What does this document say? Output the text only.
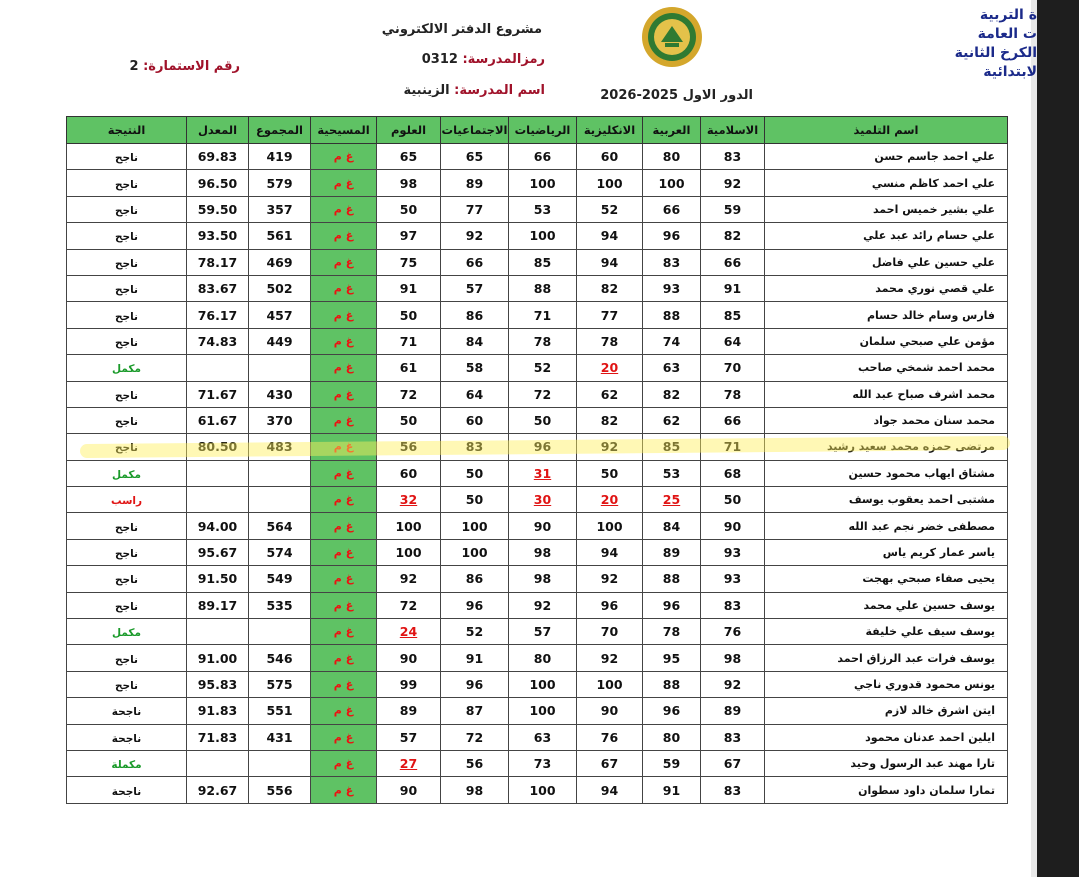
ة التربية
ت العامة
الكرخ الثانية
لابتدائية
مشروع الدفتر الالكتروني
رمزالمدرسة: 0312
اسم المدرسة: الزينبية
رقم الاستمارة: 2
الدور الاول 2026-2025
اسم التلميذ	الاسلامية	العربية	الانكليزية	الرياضيات	الاجتماعيات	العلوم	المسيحية	المجموع	المعدل	النتيجة
علي احمد جاسم حسن	83	80	60	66	65	65	غ م	419	69.83	ناجح
علي احمد كاظم منسي	92	100	100	100	89	98	غ م	579	96.50	ناجح
علي بشير خميس احمد	59	66	52	53	77	50	غ م	357	59.50	ناجح
علي حسام رائد عبد علي	82	96	94	100	92	97	غ م	561	93.50	ناجح
علي حسين علي فاضل	66	83	94	85	66	75	غ م	469	78.17	ناجح
علي قصي نوري محمد	91	93	82	88	57	91	غ م	502	83.67	ناجح
فارس وسام خالد حسام	85	88	77	71	86	50	غ م	457	76.17	ناجح
مؤمن علي صبحي سلمان	64	74	78	78	84	71	غ م	449	74.83	ناجح
محمد احمد شمخي صاحب	70	63	20	52	58	61	غ م			مكمل
محمد اشرف صباح عبد الله	78	82	62	72	64	72	غ م	430	71.67	ناجح
محمد سنان محمد جواد	66	62	82	50	60	50	غ م	370	61.67	ناجح
مرتضى حمزه محمد سعيد رشيد	71	85	92	96	83	56	غ م	483	80.50	ناجح
مشتاق ايهاب محمود حسين	68	53	50	31	50	60	غ م			مكمل
مشتبى احمد يعقوب يوسف	50	25	20	30	50	32	غ م			راسب
مصطفى خضر نجم عبد الله	90	84	100	90	100	100	غ م	564	94.00	ناجح
ياسر عمار كريم ياس	93	89	94	98	100	100	غ م	574	95.67	ناجح
يحيى صفاء صبحي بهجت	93	88	92	98	86	92	غ م	549	91.50	ناجح
يوسف حسين علي محمد	83	96	96	92	96	72	غ م	535	89.17	ناجح
يوسف سيف علي خليفة	76	78	70	57	52	24	غ م			مكمل
يوسف فرات عبد الرزاق احمد	98	95	92	80	91	90	غ م	546	91.00	ناجح
يونس محمود قدوري ناجي	92	88	100	100	96	99	غ م	575	95.83	ناجح
ايتن اشرق خالد لازم	89	96	90	100	87	89	غ م	551	91.83	ناجحة
ايلين احمد عدنان محمود	83	80	76	63	72	57	غ م	431	71.83	ناجحة
تارا مهند عبد الرسول وحيد	67	59	67	73	56	27	غ م			مكملة
تمارا سلمان داود سطوان	83	91	94	100	98	90	غ م	556	92.67	ناجحة
